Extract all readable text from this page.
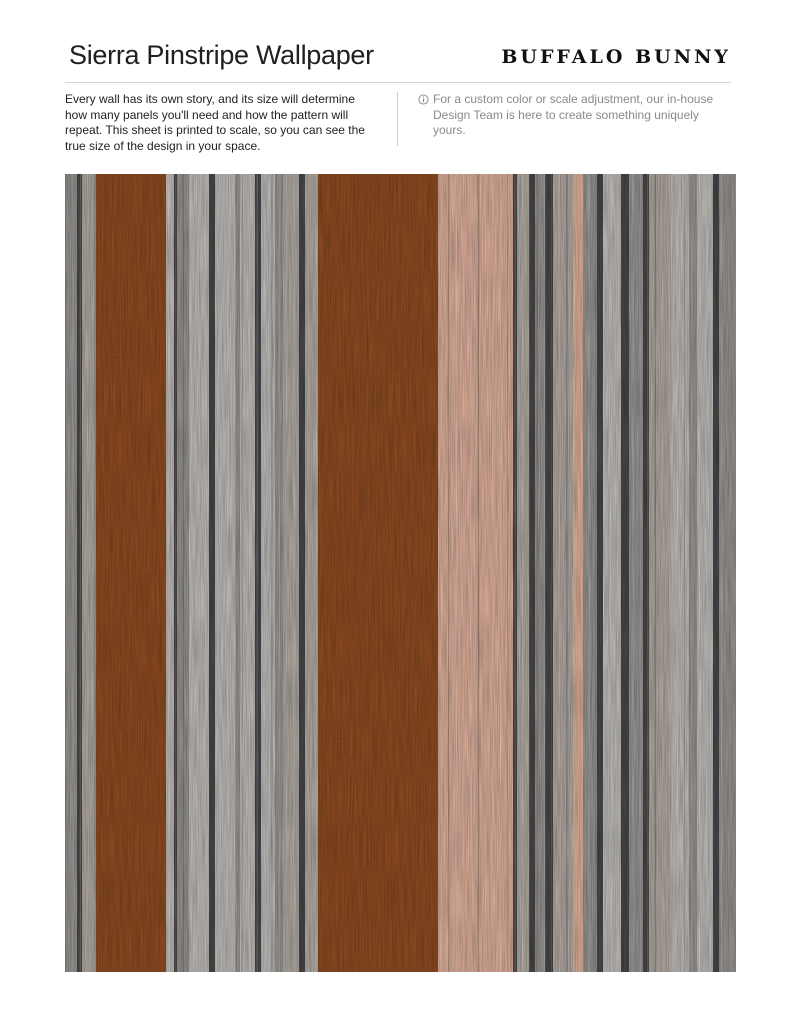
Sierra Pinstripe Wallpaper	BUFFALO BUNNY
Every wall has its own story, and its size will determine how many panels you'll need and how the pattern will repeat. This sheet is printed to scale, so you can see the true size of the design in your space.
For a custom color or scale adjustment, our in-house Design Team is here to create something uniquely yours.
